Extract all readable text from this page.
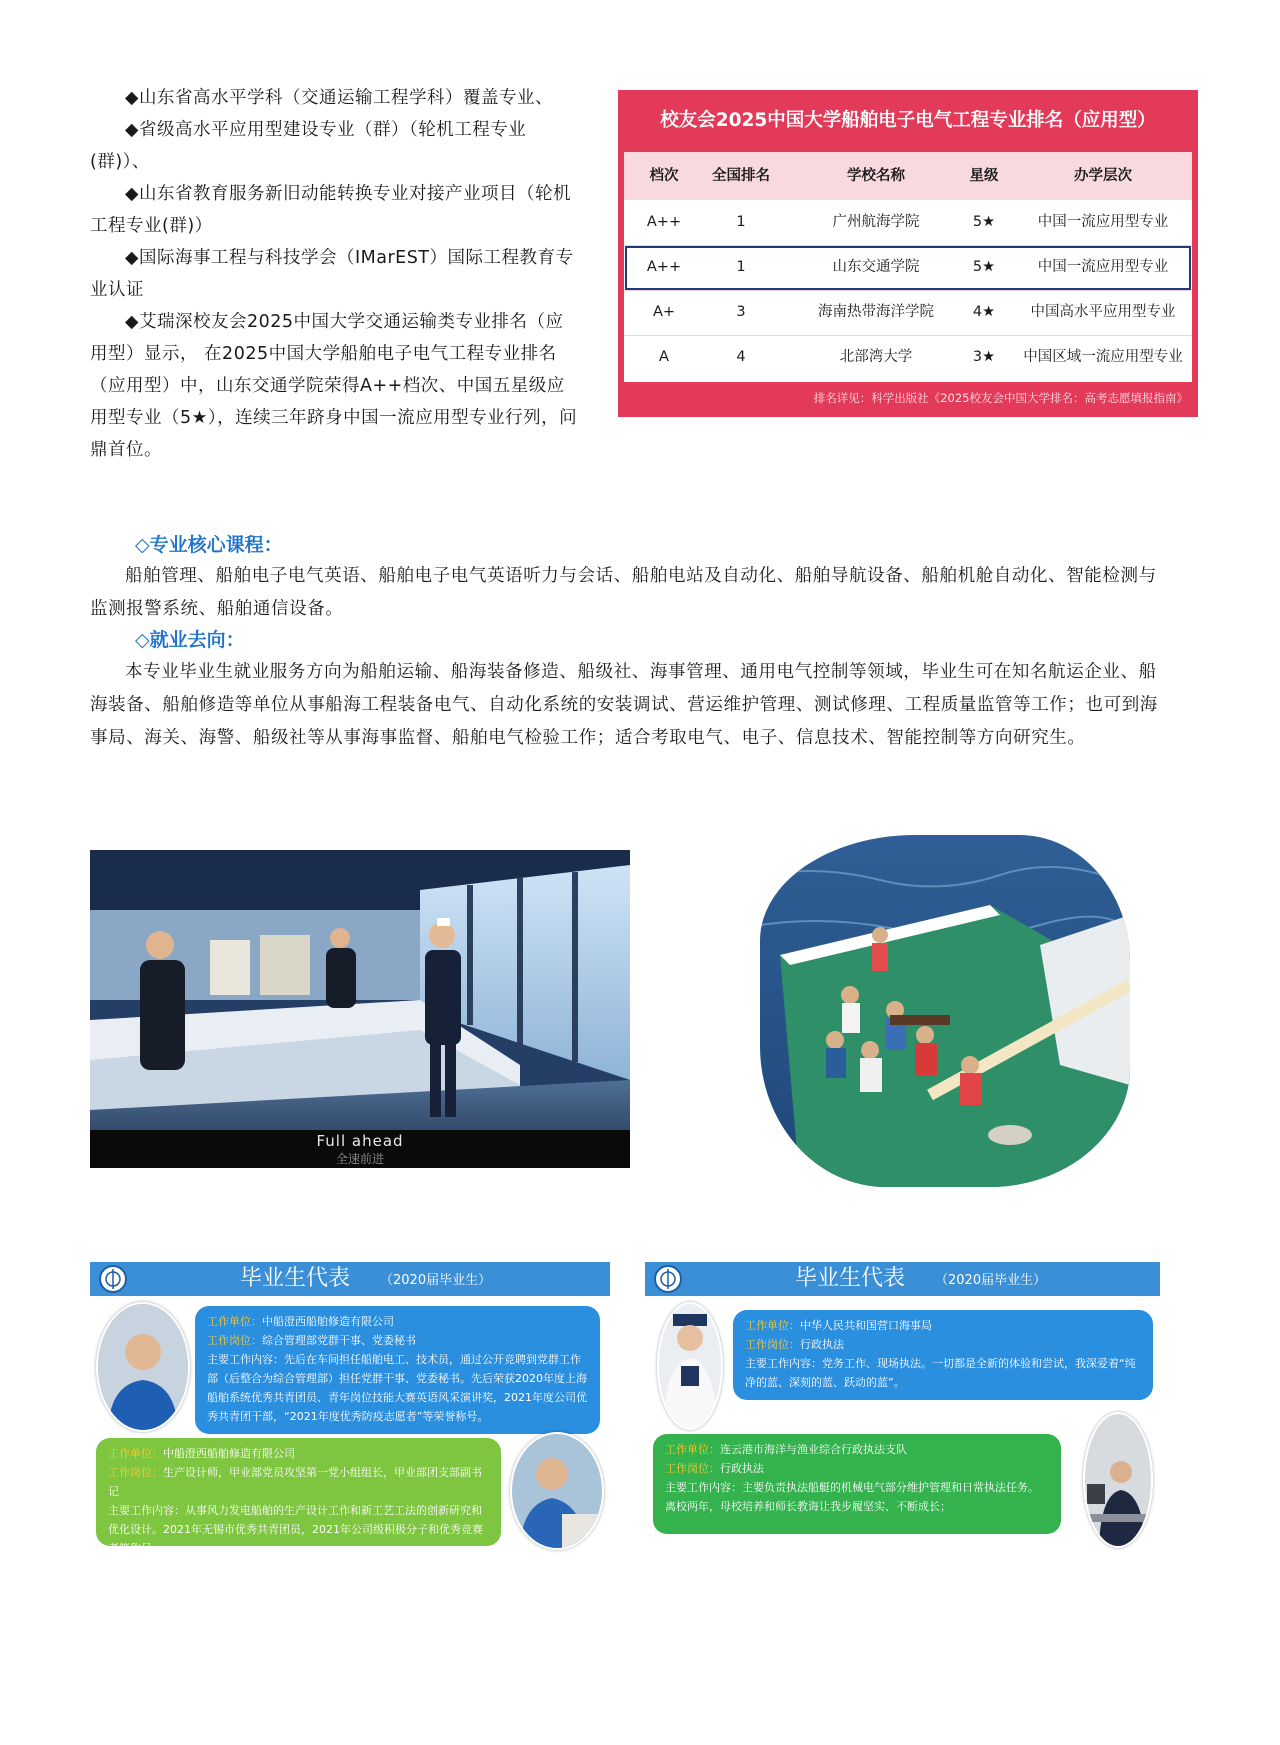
◆山东省高水平学科（交通运输工程学科）覆盖专业、

◆省级高水平应用型建设专业（群）（轮机工程专业(群)）、

◆山东省教育服务新旧动能转换专业对接产业项目（轮机工程专业(群)）

◆国际海事工程与科技学会（IMarEST）国际工程教育专业认证

◆艾瑞深校友会2025中国大学交通运输类专业排名（应用型）显示， 在2025中国大学船舶电子电气工程专业排名（应用型）中，山东交通学院荣得A++档次、中国五星级应用型专业（5★），连续三年跻身中国一流应用型专业行列，问鼎首位。

校友会2025中国大学船舶电子电气工程专业排名（应用型）
档次	全国排名	学校名称	星级	办学层次
A++	1	广州航海学院	5★	中国一流应用型专业
A++	1	山东交通学院	5★	中国一流应用型专业
A+	3	海南热带海洋学院	4★	中国高水平应用型专业
A	4	北部湾大学	3★	中国区域一流应用型专业
排名详见：科学出版社《2025校友会中国大学排名：高考志愿填报指南》
◇专业核心课程：
船舶管理、船舶电子电气英语、船舶电子电气英语听力与会话、船舶电站及自动化、船舶导航设备、船舶机舱自动化、智能检测与监测报警系统、船舶通信设备。
◇就业去向：
本专业毕业生就业服务方向为船舶运输、船海装备修造、船级社、海事管理、通用电气控制等领域，毕业生可在知名航运企业、船海装备、船舶修造等单位从事船海工程装备电气、自动化系统的安装调试、营运维护管理、测试修理、工程质量监管等工作；也可到海事局、海关、海警、船级社等从事海事监督、船舶电气检验工作；适合考取电气、电子、信息技术、智能控制等方向研究生。
Full ahead
全速前进
毕业生代表 （2020届毕业生）
工作单位：中船澄西船舶修造有限公司
工作岗位：综合管理部党群干事、党委秘书
主要工作内容：先后在车间担任船舶电工、技术员，通过公开竞聘到党群工作部（后整合为综合管理部）担任党群干事、党委秘书。先后荣获2020年度上海船舶系统优秀共青团员、青年岗位技能大赛英语风采演讲奖，2021年度公司优秀共青团干部，“2021年度优秀防疫志愿者”等荣誉称号。
工作单位：中船澄西船舶修造有限公司
工作岗位：生产设计师，甲业部党员攻坚第一党小组组长，甲业部团支部副书记
主要工作内容：从事风力发电船舶的生产设计工作和新工艺工法的创新研究和优化设计。2021年无锡市优秀共青团员，2021年公司级积极分子和优秀竞赛者等称号。
毕业生代表 （2020届毕业生）
工作单位：中华人民共和国营口海事局
工作岗位：行政执法
主要工作内容：党务工作、现场执法。一切都是全新的体验和尝试，我深爱着“纯净的蓝、深刻的蓝、跃动的蓝”。
工作单位：连云港市海洋与渔业综合行政执法支队
工作岗位：行政执法
主要工作内容：主要负责执法船艇的机械电气部分维护管理和日常执法任务。离校两年，母校培养和师长教诲让我步履坚实、不断成长；
